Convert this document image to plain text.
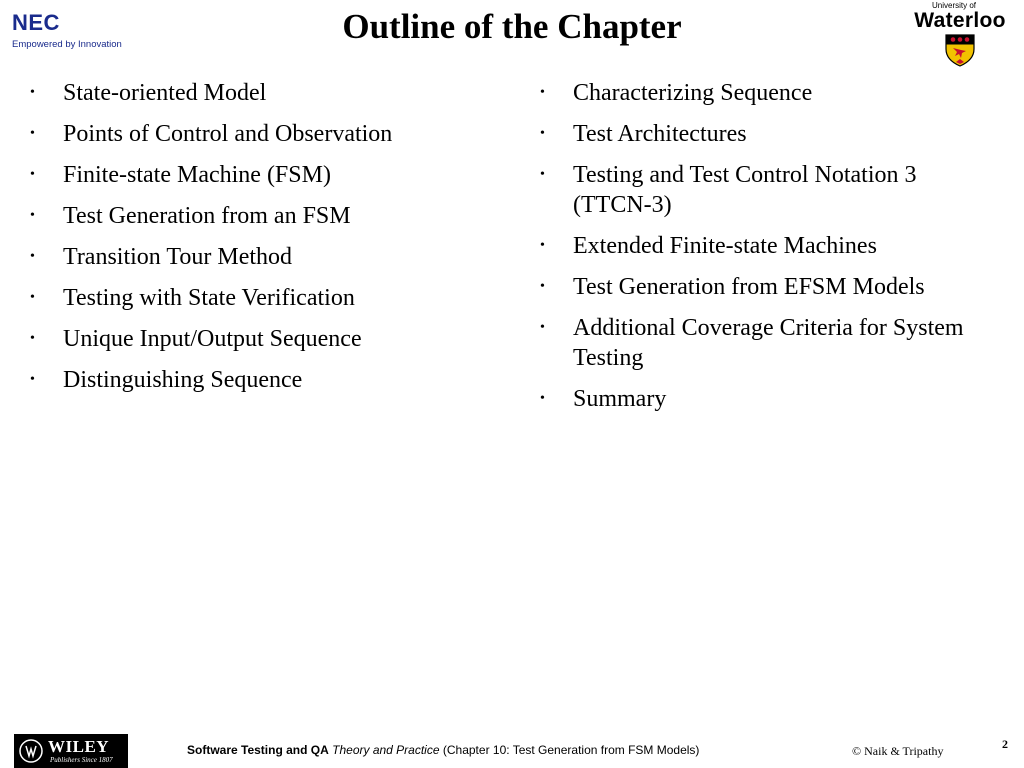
NEC
Empowered by Innovation	Outline of the Chapter
University of
Waterloo
• State-oriented Model
• Points of Control and Observation
• Finite-state Machine (FSM)
• Test Generation from an FSM
• Transition Tour Method
• Testing with State Verification
• Unique Input/Output Sequence
• Distinguishing Sequence
• Characterizing Sequence
• Test Architectures
• Testing and Test Control Notation 3 (TTCN-3)
• Extended Finite-state Machines
• Test Generation from EFSM Models
• Additional Coverage Criteria for System Testing
• Summary
WILEY
Publishers Since 1807
Software Testing and QA Theory and Practice (Chapter 10: Test Generation from FSM Models)	© Naik & Tripathy	2
